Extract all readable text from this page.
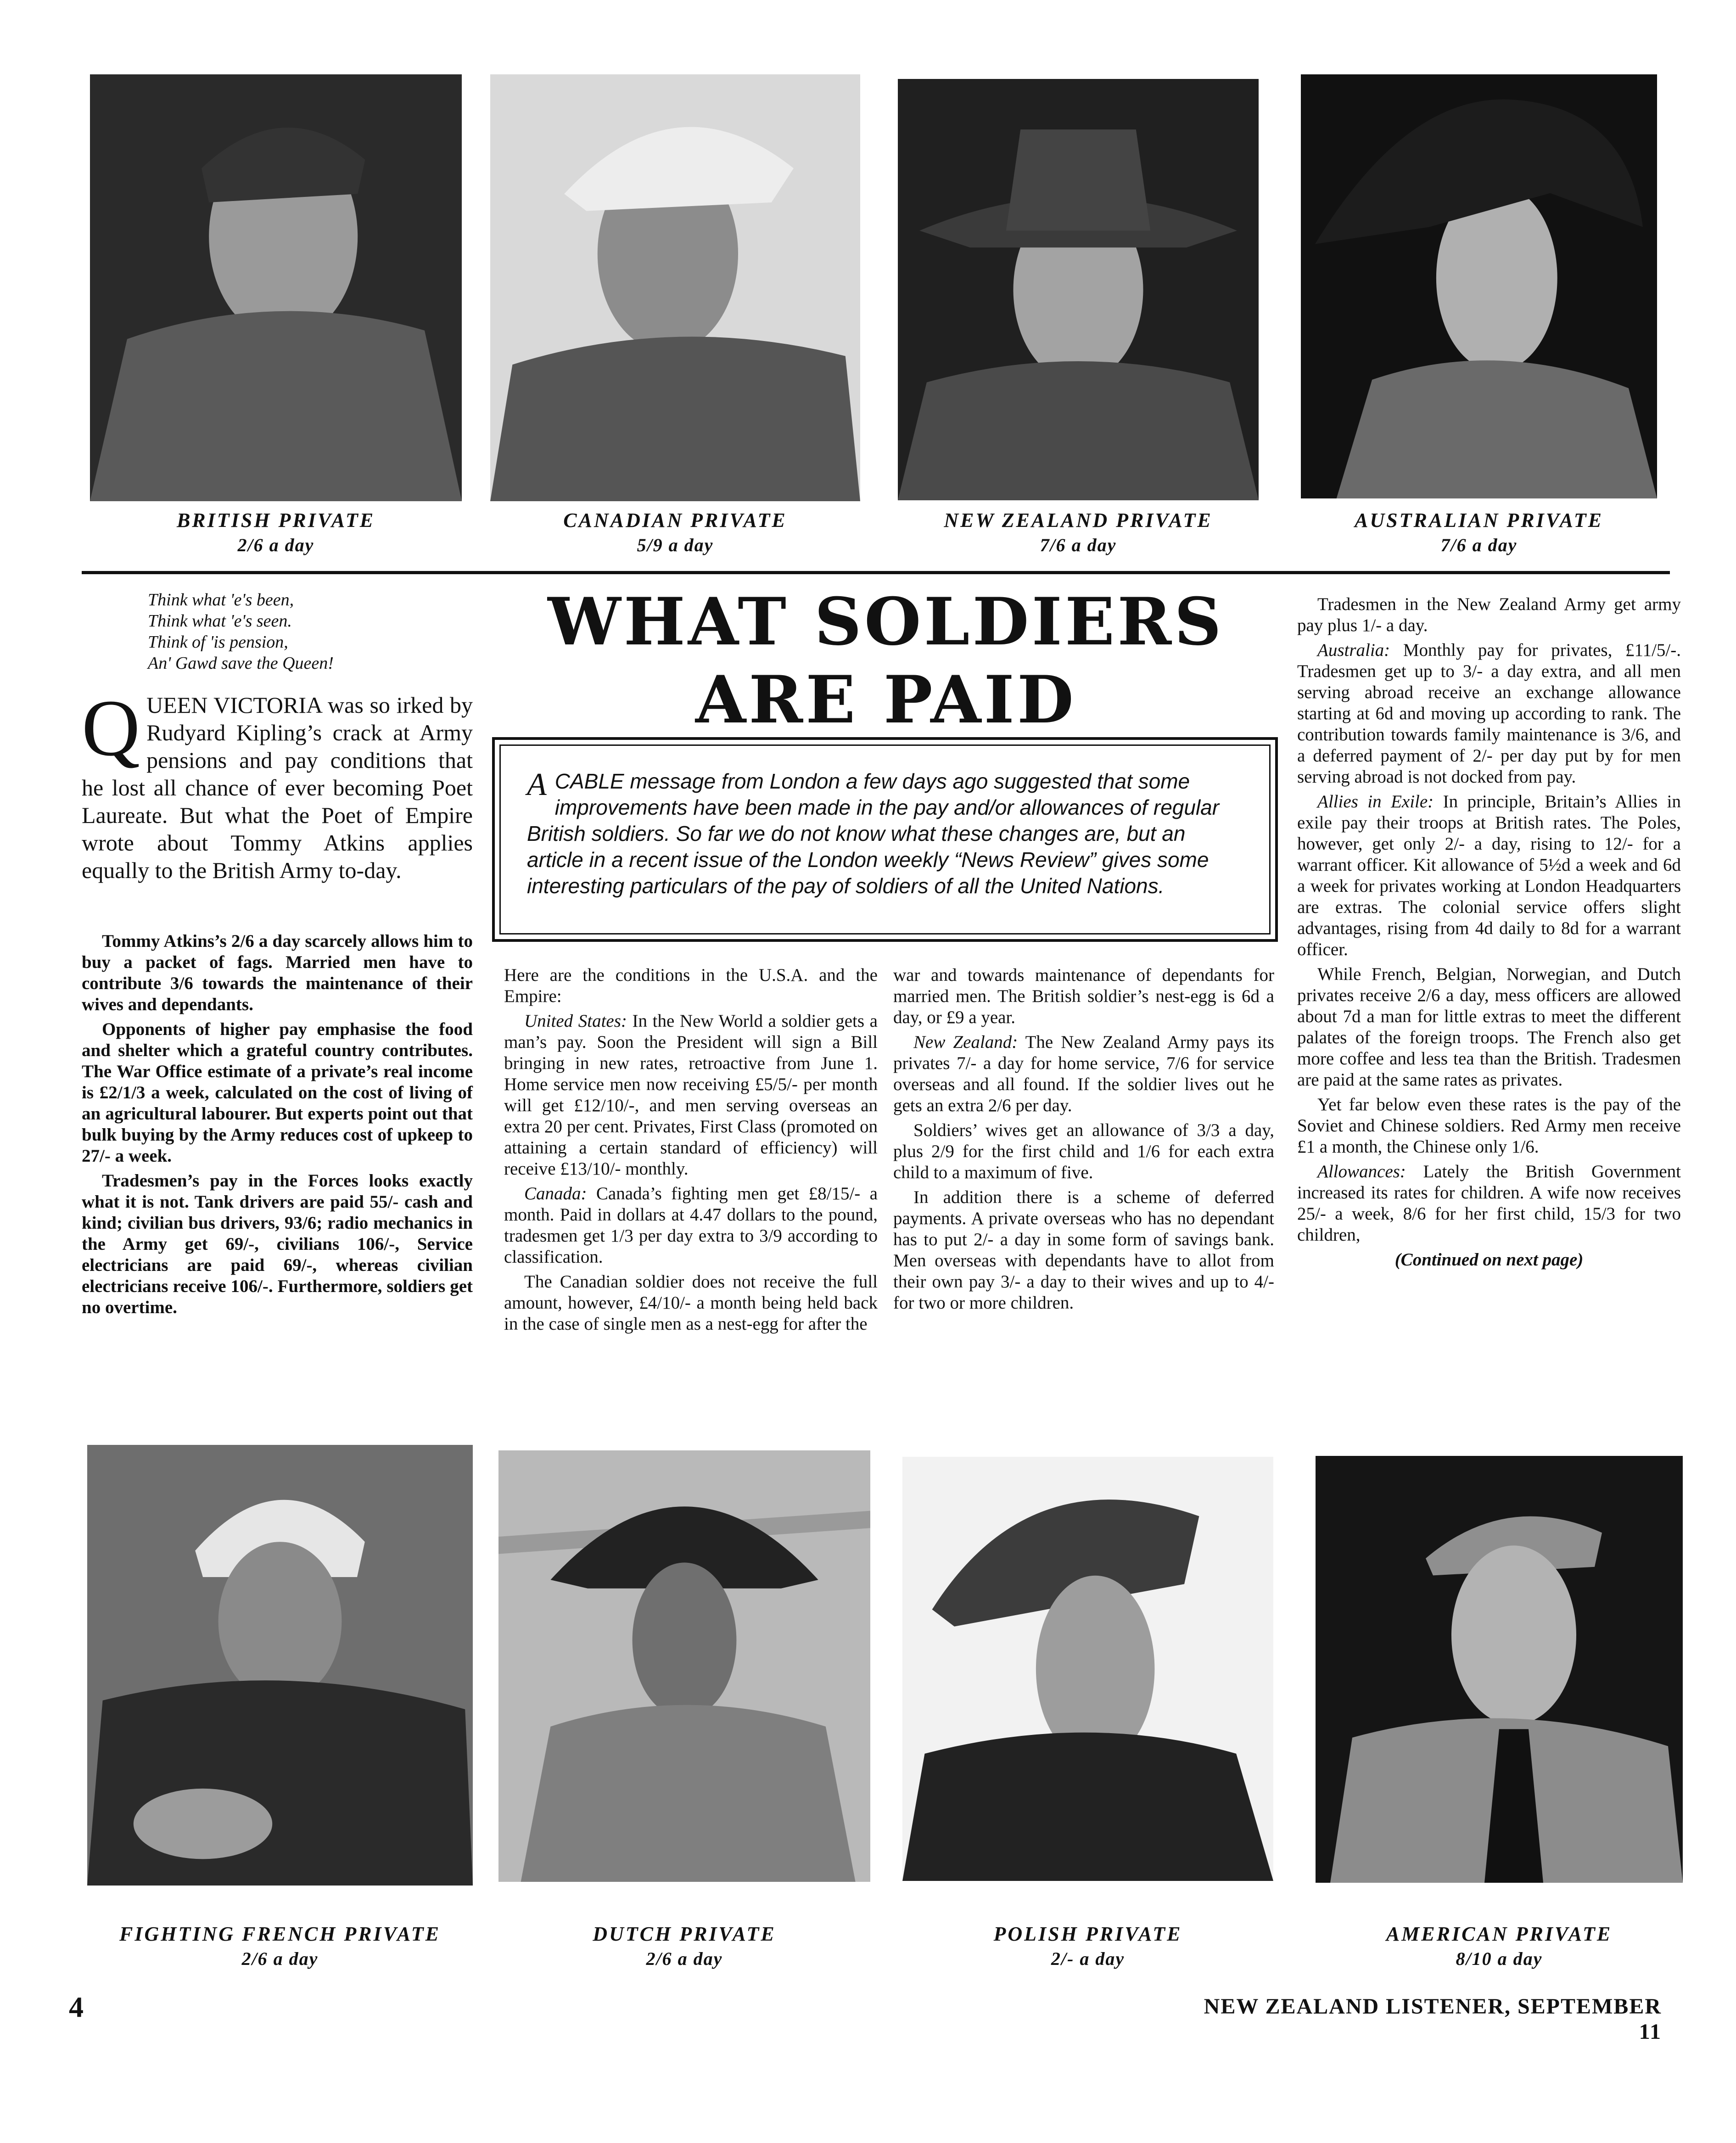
BRITISH PRIVATE
2/6 a day
CANADIAN PRIVATE
5/9 a day
NEW ZEALAND PRIVATE
7/6 a day
AUSTRALIAN PRIVATE
7/6 a day
Think what 'e's been,
Think what 'e's seen.
Think of 'is pension,
An' Gawd save the Queen!
QUEEN VICTORIA was so irked by Rudyard Kipling’s crack at Army pensions and pay conditions that he lost all chance of ever becoming Poet Laureate. But what the Poet of Empire wrote about Tommy Atkins applies equally to the British Army to-day.

Tommy Atkins’s 2/6 a day scarcely allows him to buy a packet of fags. Married men have to contribute 3/6 towards the maintenance of their wives and dependants.

Opponents of higher pay emphasise the food and shelter which a grateful country contributes. The War Office estimate of a private’s real income is £2/1/3 a week, calculated on the cost of living of an agricultural labourer. But experts point out that bulk buying by the Army reduces cost of upkeep to 27/- a week.

Tradesmen’s pay in the Forces looks exactly what it is not. Tank drivers are paid 55/- cash and kind; civilian bus drivers, 93/6; radio mechanics in the Army get 69/-, civilians 106/-, Service electricians are paid 69/-, whereas civilian electricians receive 106/-. Furthermore, soldiers get no overtime.

WHAT SOLDIERS
ARE PAID
ACABLE message from London a few days ago suggested that some improvements have been made in the pay and/or allowances of regular British soldiers. So far we do not know what these changes are, but an article in a recent issue of the London weekly “News Review” gives some interesting particulars of the pay of soldiers of all the United Nations.

Here are the conditions in the U.S.A. and the Empire:

United States: In the New World a soldier gets a man’s pay. Soon the President will sign a Bill bringing in new rates, retroactive from June 1. Home service men now receiving £5/5/- per month will get £12/10/-, and men serving overseas an extra 20 per cent. Privates, First Class (promoted on attaining a certain standard of efficiency) will receive £13/10/- monthly.

Canada: Canada’s fighting men get £8/15/- a month. Paid in dollars at 4.47 dollars to the pound, tradesmen get 1/3 per day extra to 3/9 according to classification.

The Canadian soldier does not receive the full amount, however, £4/10/- a month being held back in the case of single men as a nest-egg for after the

war and towards maintenance of dependants for married men. The British soldier’s nest-egg is 6d a day, or £9 a year.

New Zealand: The New Zealand Army pays its privates 7/- a day for home service, 7/6 for service overseas and all found. If the soldier lives out he gets an extra 2/6 per day.

Soldiers’ wives get an allowance of 3/3 a day, plus 2/9 for the first child and 1/6 for each extra child to a maximum of five.

In addition there is a scheme of deferred payments. A private overseas who has no dependant has to put 2/- a day in some form of savings bank. Men overseas with dependants have to allot from their own pay 3/- a day to their wives and up to 4/- for two or more children.

Tradesmen in the New Zealand Army get army pay plus 1/- a day.

Australia: Monthly pay for privates, £11/5/-. Tradesmen get up to 3/- a day extra, and all men serving abroad receive an exchange allowance starting at 6d and moving up according to rank. The contribution towards family maintenance is 3/6, and a deferred payment of 2/- per day put by for men serving abroad is not docked from pay.

Allies in Exile: In principle, Britain’s Allies in exile pay their troops at British rates. The Poles, however, get only 2/- a day, rising to 12/- for a warrant officer. Kit allowance of 5½d a week and 6d a week for privates working at London Headquarters are extras. The colonial service offers slight advantages, rising from 4d daily to 8d for a warrant officer.

While French, Belgian, Norwegian, and Dutch privates receive 2/6 a day, mess officers are allowed about 7d a man for little extras to meet the different palates of the foreign troops. The French also get more coffee and less tea than the British. Tradesmen are paid at the same rates as privates.

Yet far below even these rates is the pay of the Soviet and Chinese soldiers. Red Army men receive £1 a month, the Chinese only 1/6.

Allowances: Lately the British Government increased its rates for children. A wife now receives 25/- a week, 8/6 for her first child, 15/3 for two children,

(Continued on next page)

FIGHTING FRENCH PRIVATE
2/6 a day
DUTCH PRIVATE
2/6 a day
POLISH PRIVATE
2/- a day
AMERICAN PRIVATE
8/10 a day
4	NEW ZEALAND LISTENER, SEPTEMBER 11
